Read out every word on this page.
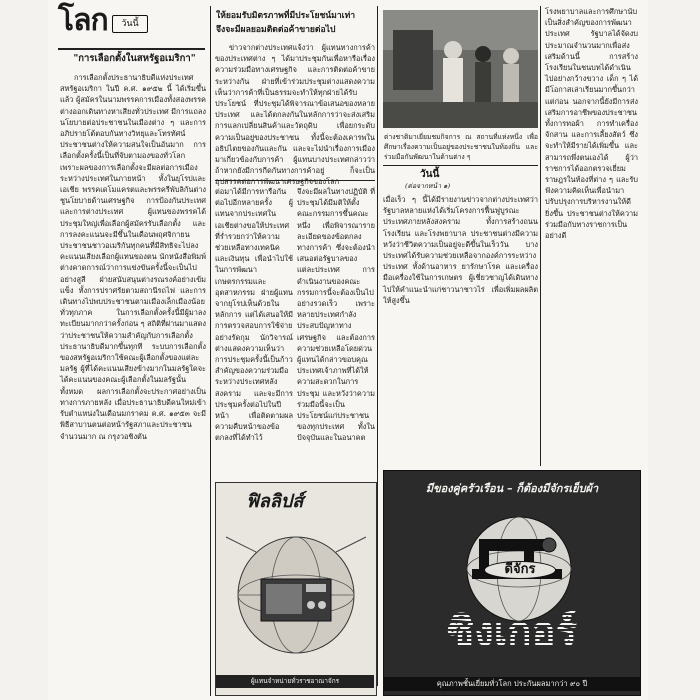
โลก	วันนี้
"การเลือกตั้งในสหรัฐอเมริกา"
การเลือกตั้งประธานาธิบดีแห่งประเทศสหรัฐอเมริกา ในปี ค.ศ. ๑๙๕๒ นี้ ได้เริ่มขึ้นแล้ว ผู้สมัครในนามพรรคการเมืองทั้งสองพรรคต่างออกเดินทางหาเสียงทั่วประเทศ มีการแถลงนโยบายต่อประชาชนในเมืองต่าง ๆ และการอภิปรายโต้ตอบกันทางวิทยุและโทรทัศน์ ประชาชนต่างให้ความสนใจเป็นอันมาก การเลือกตั้งครั้งนี้เป็นที่จับตามองของทั่วโลก เพราะผลของการเลือกตั้งจะมีผลต่อการเมืองระหว่างประเทศในภายหน้า ทั้งในยุโรปและเอเชีย พรรคเดโมแครตและพรรครีพับลิกันต่างชูนโยบายด้านเศรษฐกิจ การป้องกันประเทศ และการต่างประเทศ ผู้แทนของพรรคได้ประชุมใหญ่เพื่อเลือกผู้สมัครรับเลือกตั้ง และการลงคะแนนจะมีขึ้นในเดือนพฤศจิกายน ประชาชนชาวอเมริกันทุกคนที่มีสิทธิจะไปลงคะแนนเสียงเลือกผู้แทนของตน นักหนังสือพิมพ์ต่างคาดการณ์ว่าการแข่งขันครั้งนี้จะเป็นไปอย่างสูสี ฝ่ายสนับสนุนต่างรณรงค์อย่างเข้มแข็ง ทั้งการปราศรัยตามสถานีรถไฟ และการเดินทางไปพบประชาชนตามเมืองเล็กเมืองน้อยทั่วทุกภาค ในการเลือกตั้งครั้งนี้มีผู้มาลงทะเบียนมากกว่าครั้งก่อน ๆ สถิติที่ผ่านมาแสดงว่าประชาชนให้ความสำคัญกับการเลือกตั้งประธานาธิบดีมากขึ้นทุกที ระบบการเลือกตั้งของสหรัฐอเมริกาใช้คณะผู้เลือกตั้งของแต่ละมลรัฐ ผู้ที่ได้คะแนนเสียงข้างมากในมลรัฐใดจะได้คะแนนของคณะผู้เลือกตั้งในมลรัฐนั้นทั้งหมด ผลการเลือกตั้งจะประกาศอย่างเป็นทางการภายหลัง เมื่อประธานาธิบดีคนใหม่เข้ารับตำแหน่งในเดือนมกราคม ค.ศ. ๑๙๕๓ จะมีพิธีสาบานตนต่อหน้ารัฐสภาและประชาชนจำนวนมาก ณ กรุงวอชิงตัน
ให้ยอมรับมิตรภาพที่มีประโยชน์มาเท่า
จึงจะมีผลยอมติดต่อค้าขายต่อไป
ข่าวจากต่างประเทศแจ้งว่า ผู้แทนทางการค้าของประเทศต่าง ๆ ได้มาประชุมกันเพื่อหารือเรื่องความร่วมมือทางเศรษฐกิจ และการติดต่อค้าขายระหว่างกัน ฝ่ายที่เข้าร่วมประชุมต่างแสดงความเห็นว่าการค้าที่เป็นธรรมจะทำให้ทุกฝ่ายได้รับประโยชน์ ที่ประชุมได้พิจารณาข้อเสนอของหลายประเทศ และได้ตกลงกันในหลักการว่าจะส่งเสริมการแลกเปลี่ยนสินค้าและวัตถุดิบ เพื่อยกระดับความเป็นอยู่ของประชาชน ทั้งนี้จะต้องเคารพในอธิปไตยของกันและกัน และจะไม่นำเรื่องการเมืองมาเกี่ยวข้องกับการค้า ผู้แทนบางประเทศกล่าวว่า ถ้าหากยังมีการกีดกันทางการค้าอยู่ ก็จะเป็นอุปสรรคต่อการพัฒนาเศรษฐกิจของโลก
ต่อมาได้มีการหารือกันต่อไปอีกหลายครั้ง ผู้แทนจากประเทศในเอเชียต่างขอให้ประเทศที่ร่ำรวยกว่าให้ความช่วยเหลือทางเทคนิคและเงินทุน เพื่อนำไปใช้ในการพัฒนาเกษตรกรรมและอุตสาหกรรม ฝ่ายผู้แทนจากยุโรปเห็นด้วยในหลักการ แต่ได้เสนอให้มีการตรวจสอบการใช้จ่ายอย่างรัดกุม นักวิจารณ์ต่างแสดงความเห็นว่า การประชุมครั้งนี้เป็นก้าวสำคัญของความร่วมมือระหว่างประเทศหลังสงคราม และจะมีการประชุมครั้งต่อไปในปีหน้า เพื่อติดตามผลความคืบหน้าของข้อตกลงที่ได้ทำไว้
จึงจะมีผลในทางปฏิบัติ ที่ประชุมได้มีมติให้ตั้งคณะกรรมการขึ้นคณะหนึ่ง เพื่อพิจารณารายละเอียดของข้อตกลงทางการค้า ซึ่งจะต้องนำเสนอต่อรัฐบาลของแต่ละประเทศ การดำเนินงานของคณะกรรมการนี้จะต้องเป็นไปอย่างรวดเร็ว เพราะหลายประเทศกำลังประสบปัญหาทางเศรษฐกิจ และต้องการความช่วยเหลือโดยด่วน ผู้แทนได้กล่าวขอบคุณประเทศเจ้าภาพที่ได้ให้ความสะดวกในการประชุม และหวังว่าความร่วมมือนี้จะเป็นประโยชน์แก่ประชาชนของทุกประเทศ ทั้งในปัจจุบันและในอนาคต
ฟิลลิปส์
ผู้แทนจำหน่ายทั่วราชอาณาจักร
ต่างชาติมาเยี่ยมชมกิจการ ณ สถานที่แห่งหนึ่ง เพื่อศึกษาเรื่องความเป็นอยู่ของประชาชนในท้องถิ่น และร่วมมือกันพัฒนาในด้านต่าง ๆ
วันนี้
(ต่อจากหน้า ๑)
เมื่อเร็ว ๆ นี้ได้มีรายงานข่าวจากต่างประเทศว่า รัฐบาลหลายแห่งได้เริ่มโครงการฟื้นฟูบูรณะประเทศภายหลังสงคราม ทั้งการสร้างถนน โรงเรียน และโรงพยาบาล ประชาชนต่างมีความหวังว่าชีวิตความเป็นอยู่จะดีขึ้นในเร็ววัน บางประเทศได้รับความช่วยเหลือจากองค์การระหว่างประเทศ ทั้งด้านอาหาร ยารักษาโรค และเครื่องมือเครื่องใช้ในการเกษตร ผู้เชี่ยวชาญได้เดินทางไปให้คำแนะนำแก่ชาวนาชาวไร่ เพื่อเพิ่มผลผลิตให้สูงขึ้น
โรงพยาบาลและการศึกษานับเป็นสิ่งสำคัญของการพัฒนาประเทศ รัฐบาลได้จัดงบประมาณจำนวนมากเพื่อส่งเสริมด้านนี้ การสร้างโรงเรียนในชนบทได้ดำเนินไปอย่างกว้างขวาง เด็ก ๆ ได้มีโอกาสเล่าเรียนมากขึ้นกว่าแต่ก่อน นอกจากนี้ยังมีการส่งเสริมการอาชีพของประชาชน ทั้งการทอผ้า การทำเครื่องจักสาน และการเลี้ยงสัตว์ ซึ่งจะทำให้มีรายได้เพิ่มขึ้น และสามารถพึ่งตนเองได้ ผู้ว่าราชการได้ออกตรวจเยี่ยมราษฎรในท้องที่ต่าง ๆ และรับฟังความคิดเห็นเพื่อนำมาปรับปรุงการบริหารงานให้ดียิ่งขึ้น ประชาชนต่างให้ความร่วมมือกับทางราชการเป็นอย่างดี
มีของคู่ครัวเรือน – ก็ต้องมีจักรเย็บผ้า
ดีจักร
ซิงเกอร์
คุณภาพชั้นเยี่ยมทั่วโลก ประกันผลมากว่า ๙๐ ปี
